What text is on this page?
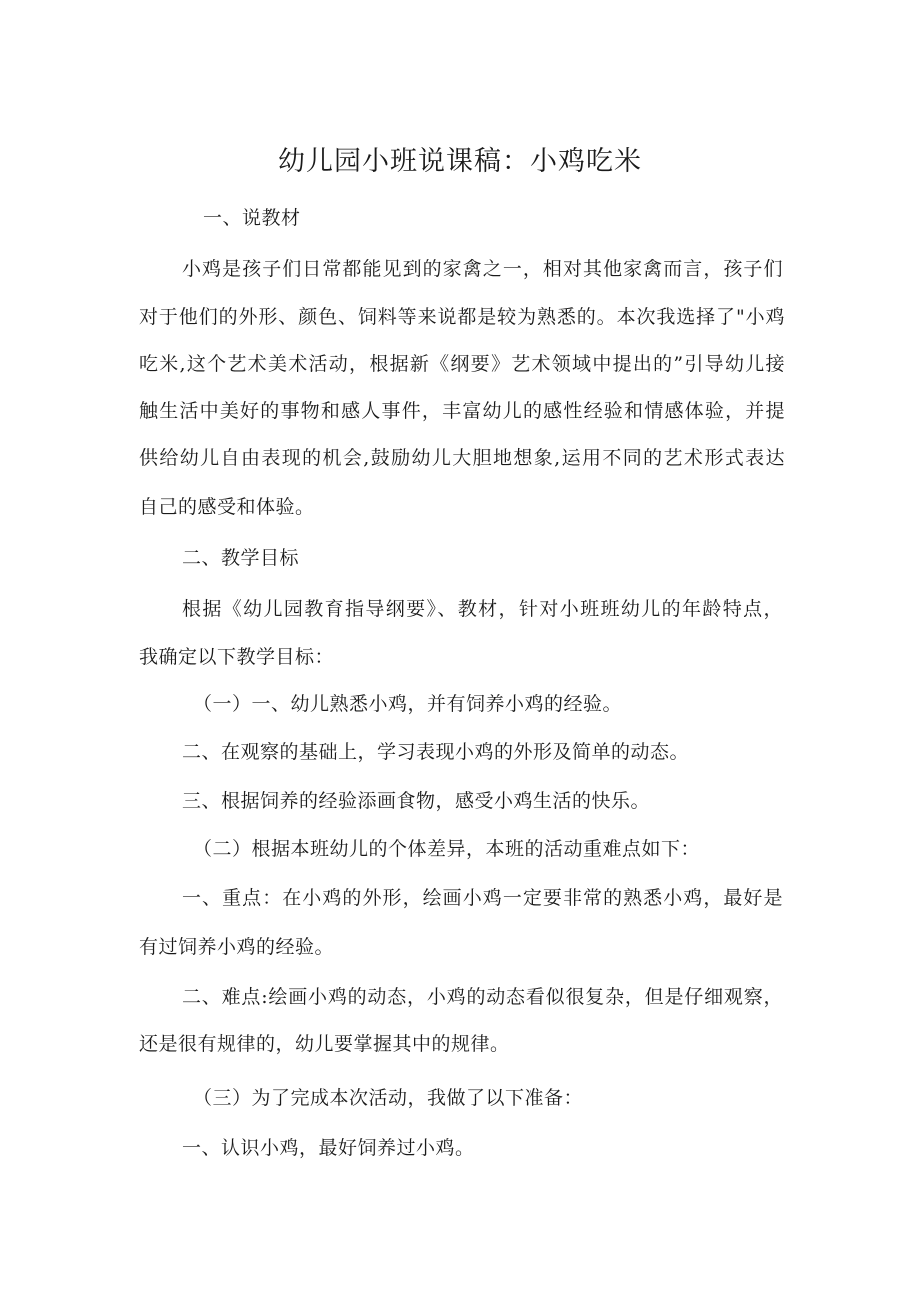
幼儿园小班说课稿：小鸡吃米
一、说教材
小鸡是孩子们日常都能见到的家禽之一，相对其他家禽而言，孩子们
对于他们的外形、颜色、饲料等来说都是较为熟悉的。本次我选择了"小鸡
吃米,这个艺术美术活动，根据新《纲要》艺术领域中提出的”引导幼儿接
触生活中美好的事物和感人事件，丰富幼儿的感性经验和情感体验，并提
供给幼儿自由表现的机会,鼓励幼儿大胆地想象,运用不同的艺术形式表达
自己的感受和体验。
二、教学目标
根据《幼儿园教育指导纲要》、教材，针对小班班幼儿的年龄特点，
我确定以下教学目标：
（一）一、幼儿熟悉小鸡，并有饲养小鸡的经验。
二、在观察的基础上，学习表现小鸡的外形及简单的动态。
三、根据饲养的经验添画食物，感受小鸡生活的快乐。
（二）根据本班幼儿的个体差异，本班的活动重难点如下：
一、重点：在小鸡的外形，绘画小鸡一定要非常的熟悉小鸡，最好是
有过饲养小鸡的经验。
二、难点:绘画小鸡的动态，小鸡的动态看似很复杂，但是仔细观察，
还是很有规律的，幼儿要掌握其中的规律。
（三）为了完成本次活动，我做了以下准备：
一、认识小鸡，最好饲养过小鸡。
